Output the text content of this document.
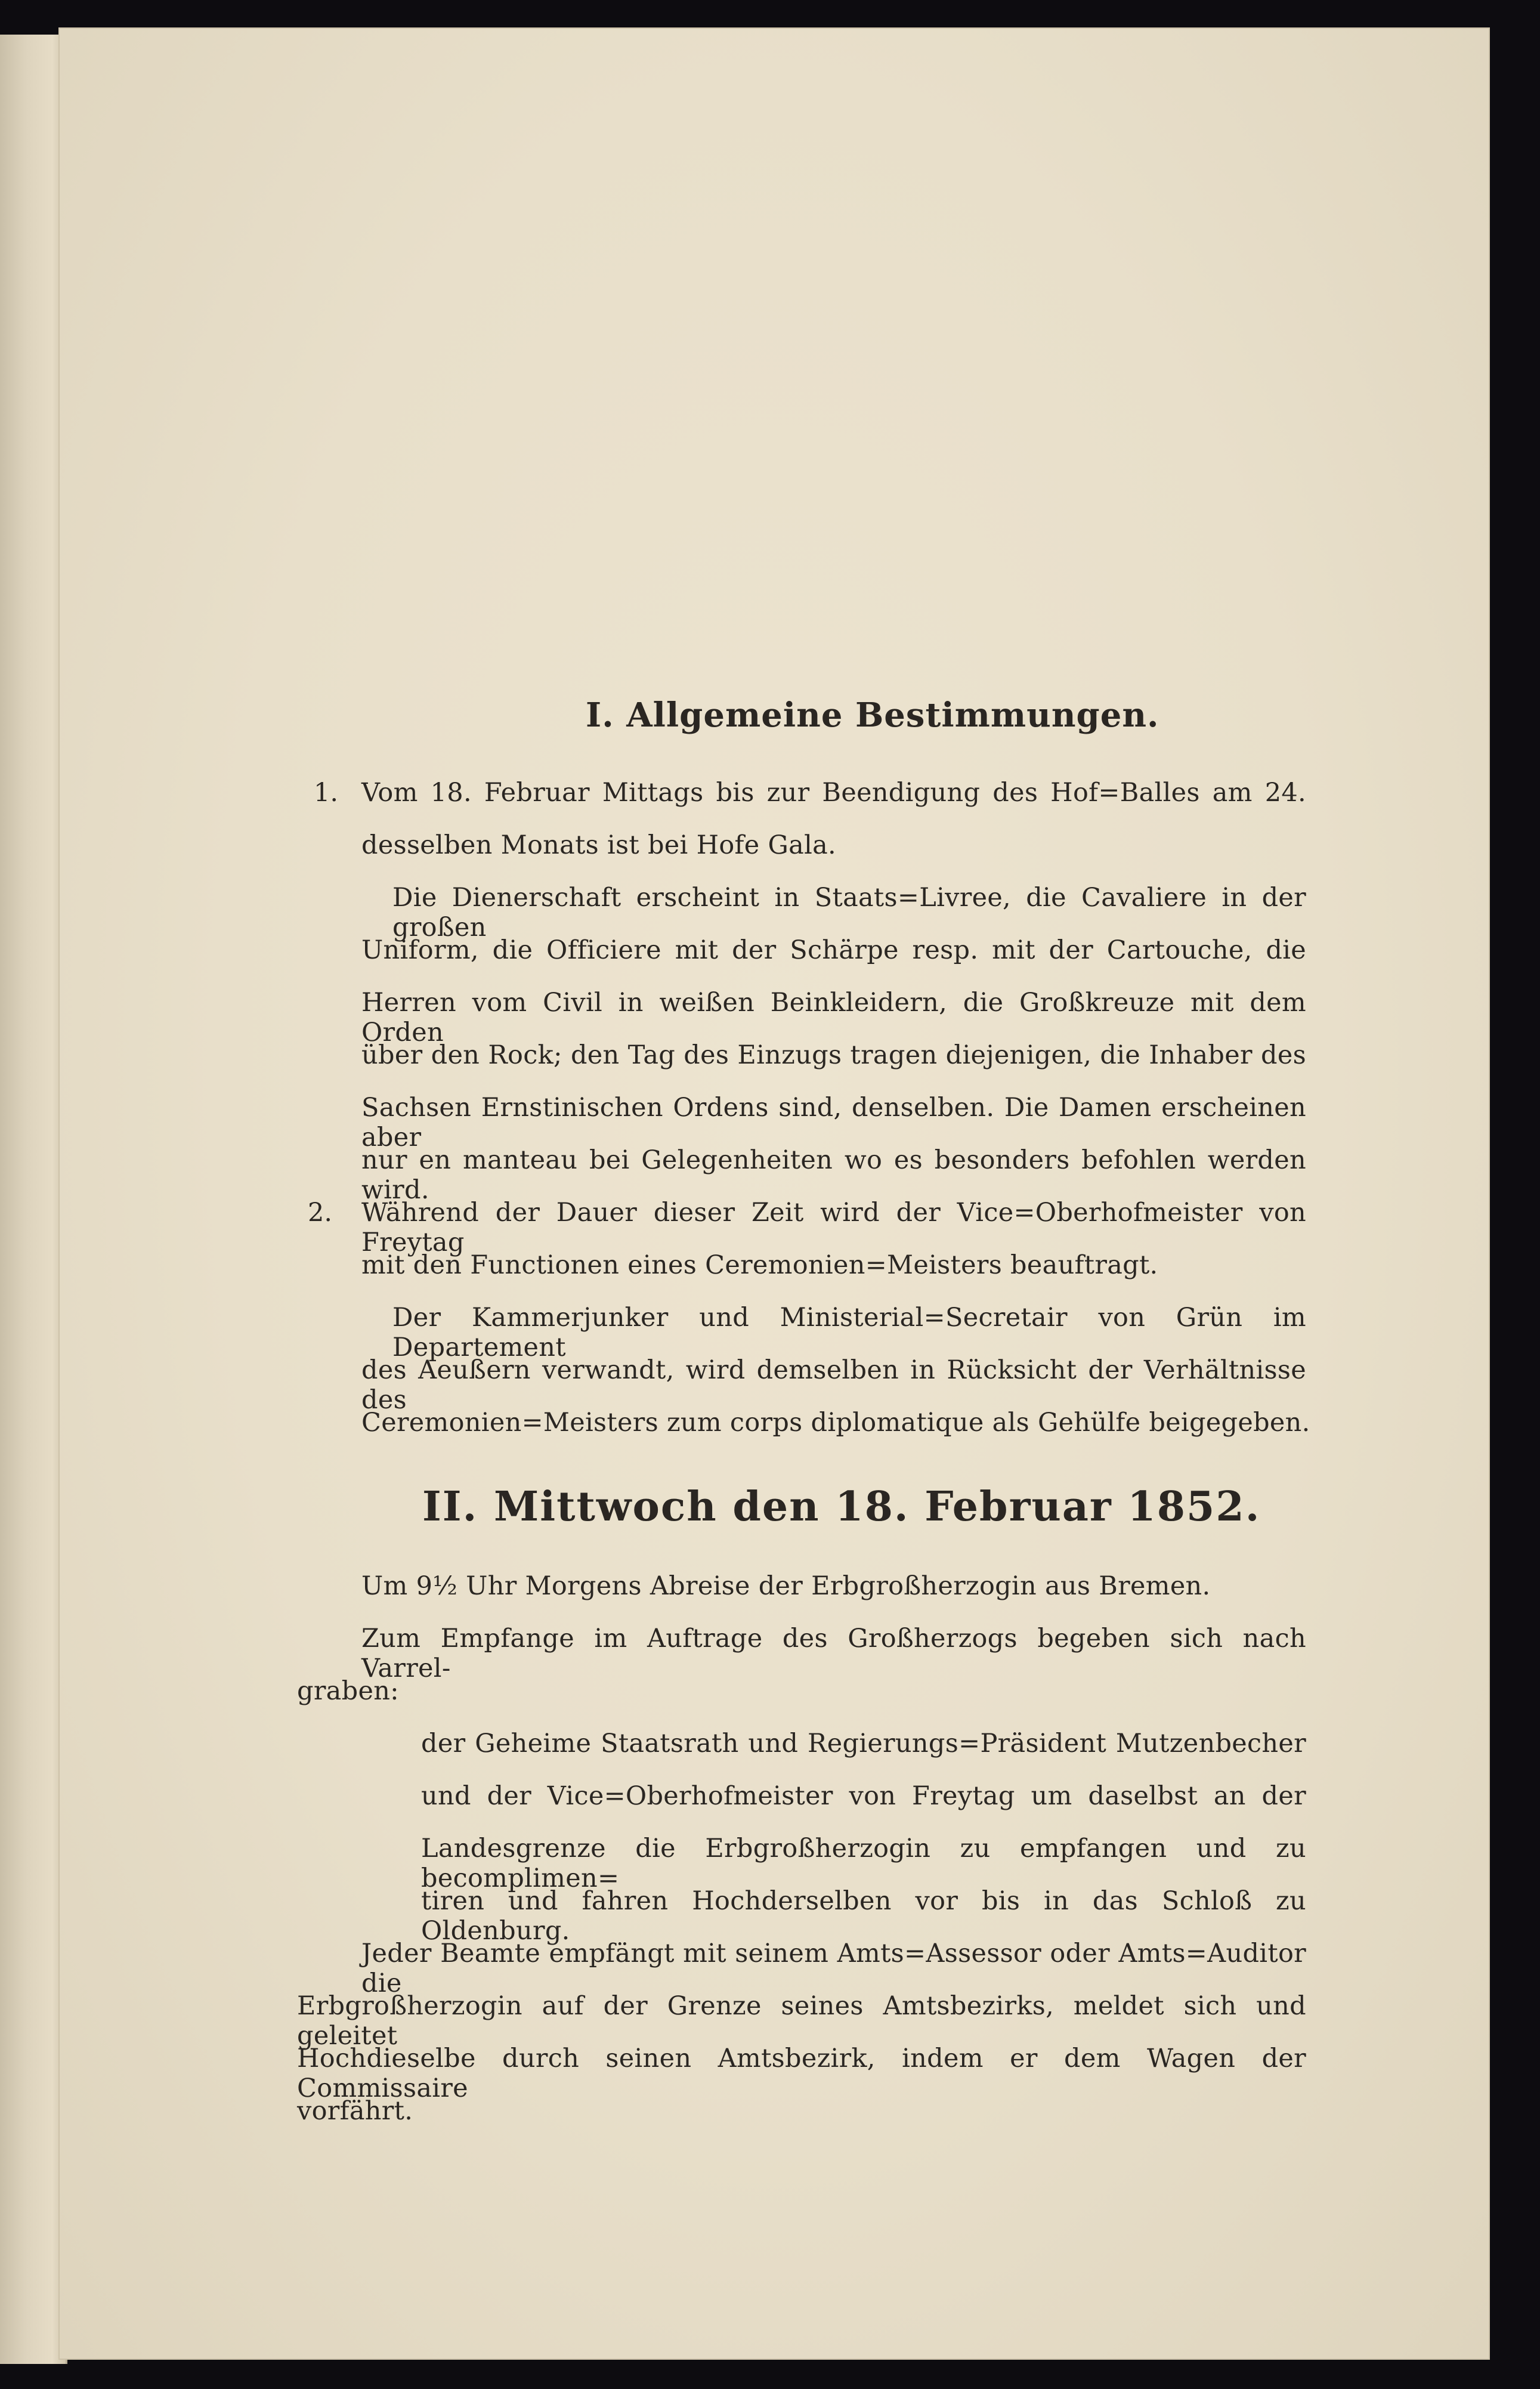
I. Allgemeine Bestimmungen.
1. Vom 18. Februar Mittags bis zur Beendigung des Hof=Balles am 24.
desselben Monats ist bei Hofe Gala.
Die Dienerschaft erscheint in Staats=Livree, die Cavaliere in der großen
Uniform, die Officiere mit der Schärpe resp. mit der Cartouche, die
Herren vom Civil in weißen Beinkleidern, die Großkreuze mit dem Orden
über den Rock; den Tag des Einzugs tragen diejenigen, die Inhaber des
Sachsen Ernstinischen Ordens sind, denselben. Die Damen erscheinen aber
nur en manteau bei Gelegenheiten wo es besonders befohlen werden wird.
2. Während der Dauer dieser Zeit wird der Vice=Oberhofmeister von Freytag
mit den Functionen eines Ceremonien=Meisters beauftragt.
Der Kammerjunker und Ministerial=Secretair von Grün im Departement
des Aeußern verwandt, wird demselben in Rücksicht der Verhältnisse des
Ceremonien=Meisters zum corps diplomatique als Gehülfe beigegeben.
II. Mittwoch den 18. Februar 1852.
Um 9½ Uhr Morgens Abreise der Erbgroßherzogin aus Bremen.
Zum Empfange im Auftrage des Großherzogs begeben sich nach Varrel-
graben:
der Geheime Staatsrath und Regierungs=Präsident Mutzenbecher
und der Vice=Oberhofmeister von Freytag um daselbst an der
Landesgrenze die Erbgroßherzogin zu empfangen und zu becomplimen=
tiren und fahren Hochderselben vor bis in das Schloß zu Oldenburg.
Jeder Beamte empfängt mit seinem Amts=Assessor oder Amts=Auditor die
Erbgroßherzogin auf der Grenze seines Amtsbezirks, meldet sich und geleitet
Hochdieselbe durch seinen Amtsbezirk, indem er dem Wagen der Commissaire
vorfährt.
